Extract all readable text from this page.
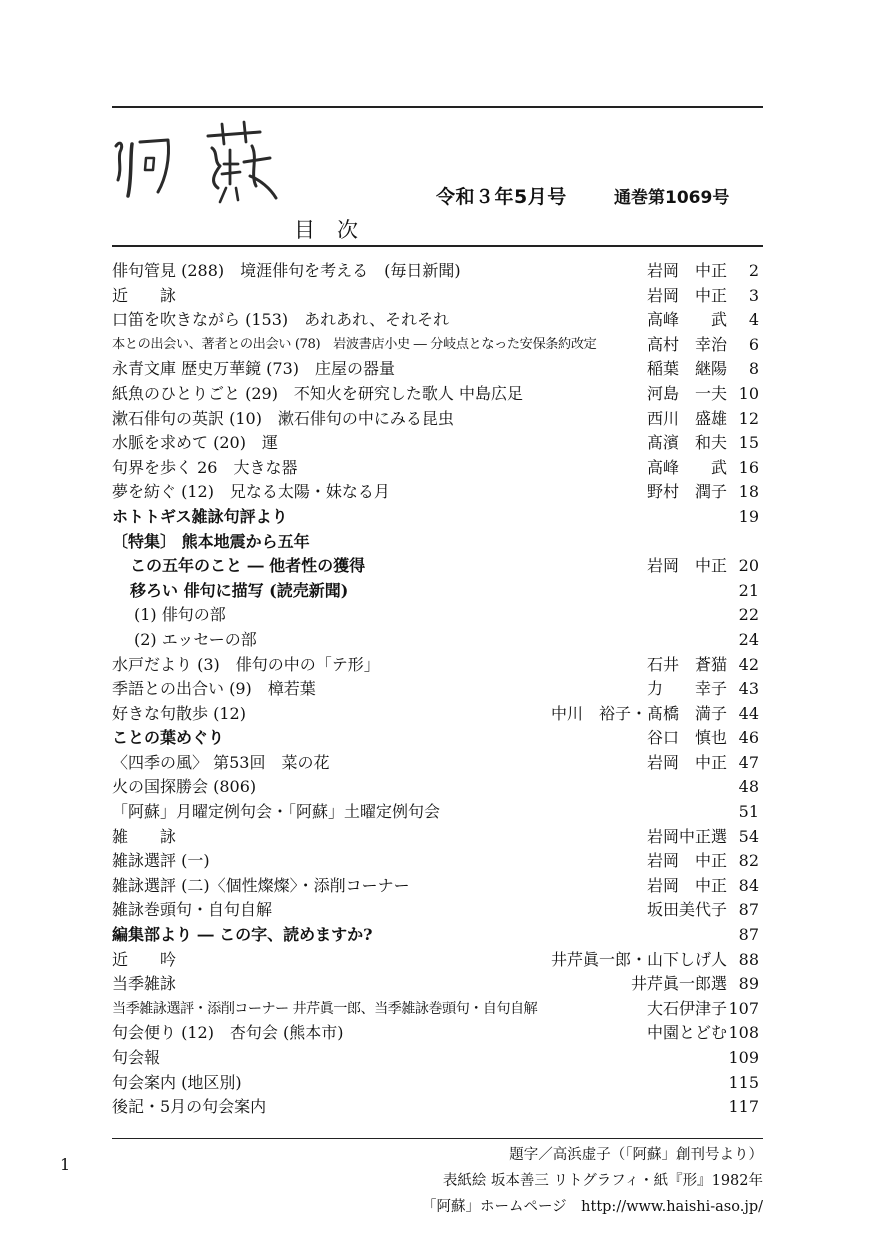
令和３年5月号	通巻第1069号
目次
俳句管見 (288)　境涯俳句を考える　(毎日新聞)	岩岡　中正 2
近　　詠	岩岡　中正 3
口笛を吹きながら (153)　あれあれ、それそれ	高峰　　武 4
本との出会い、著者との出会い (78)　岩波書店小史 ― 分岐点となった安保条約改定	高村　幸治 6
永青文庫 歴史万華鏡 (73)　庄屋の器量	稲葉　継陽 8
紙魚のひとりごと (29)　不知火を研究した歌人 中島広足	河島　一夫 10
漱石俳句の英訳 (10)　漱石俳句の中にみる昆虫	西川　盛雄 12
水脈を求めて (20)　運	髙濱　和夫 15
句界を歩く 26　大きな器	高峰　　武 16
夢を紡ぐ (12)　兄なる太陽・妹なる月	野村　潤子 18
ホトトギス雑詠句評より	19
〔特集〕 熊本地震から五年
この五年のこと ― 他者性の獲得	岩岡　中正 20
移ろい 俳句に描写 (読売新聞)	21
(1) 俳句の部	22
(2) エッセーの部	24
水戸だより (3)　俳句の中の「テ形」	石井　蒼猫 42
季語との出合い (9)　樟若葉	力　　幸子 43
好きな句散歩 (12)	中川　裕子・髙橋　満子 44
ことの葉めぐり	谷口　慎也 46
〈四季の風〉 第53回　菜の花	岩岡　中正 47
火の国探勝会 (806)	48
「阿蘇」月曜定例句会・「阿蘇」土曜定例句会	51
雑　　詠	岩岡中正選 54
雑詠選評 (一)	岩岡　中正 82
雑詠選評 (二)〈個性燦燦〉・添削コーナー	岩岡　中正 84
雑詠巻頭句・自句自解	坂田美代子 87
編集部より ― この字、読めますか?	87
近　　吟	井芹眞一郎・山下しげ人 88
当季雑詠	井芹眞一郎選 89
当季雑詠選評・添削コーナー 井芹眞一郎、当季雑詠巻頭句・自句自解	大石伊津子 107
句会便り (12)　杏句会 (熊本市)	中園とどむ 108
句会報	109
句会案内 (地区別)	115
後記・5月の句会案内	117
1	題字／高浜虚子（「阿蘇」創刊号より）
表紙絵 坂本善三 リトグラフィ・紙『形』1982年
「阿蘇」ホームページ　http://www.haishi-aso.jp/
